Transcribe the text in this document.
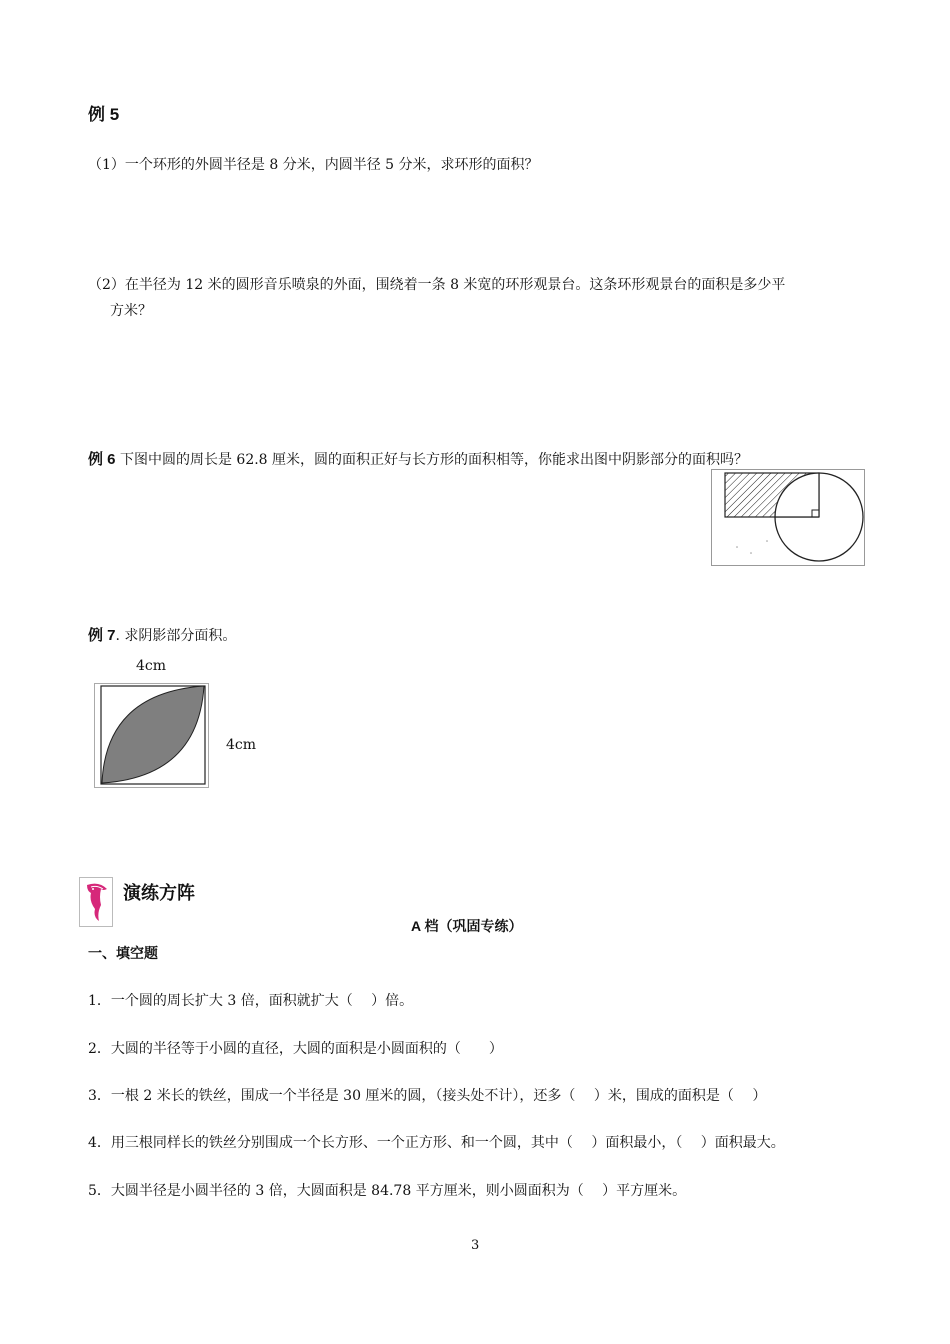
例 5
（1）一个环形的外圆半径是 8 分米，内圆半径 5 分米，求环形的面积？
（2）在半径为 12 米的圆形音乐喷泉的外面，围绕着一条 8 米宽的环形观景台。这条环形观景台的面积是多少平
方米？
例 6 下图中圆的周长是 62.8 厘米，圆的面积正好与长方形的面积相等，你能求出图中阴影部分的面积吗？
例 7. 求阴影部分面积。
4cm
4cm
演练方阵
A 档（巩固专练）
一、填空题
1．一个圆的周长扩大 3 倍，面积就扩大（　 ）倍。
2．大圆的半径等于小圆的直径，大圆的面积是小圆面积的（　　）
3．一根 2 米长的铁丝，围成一个半径是 30 厘米的圆，（接头处不计），还多（　 ）米，围成的面积是（　 ）
4．用三根同样长的铁丝分别围成一个长方形、一个正方形、和一个圆，其中（　 ）面积最小，（　 ）面积最大。
5．大圆半径是小圆半径的 3 倍，大圆面积是 84.78 平方厘米，则小圆面积为（　 ）平方厘米。
3
